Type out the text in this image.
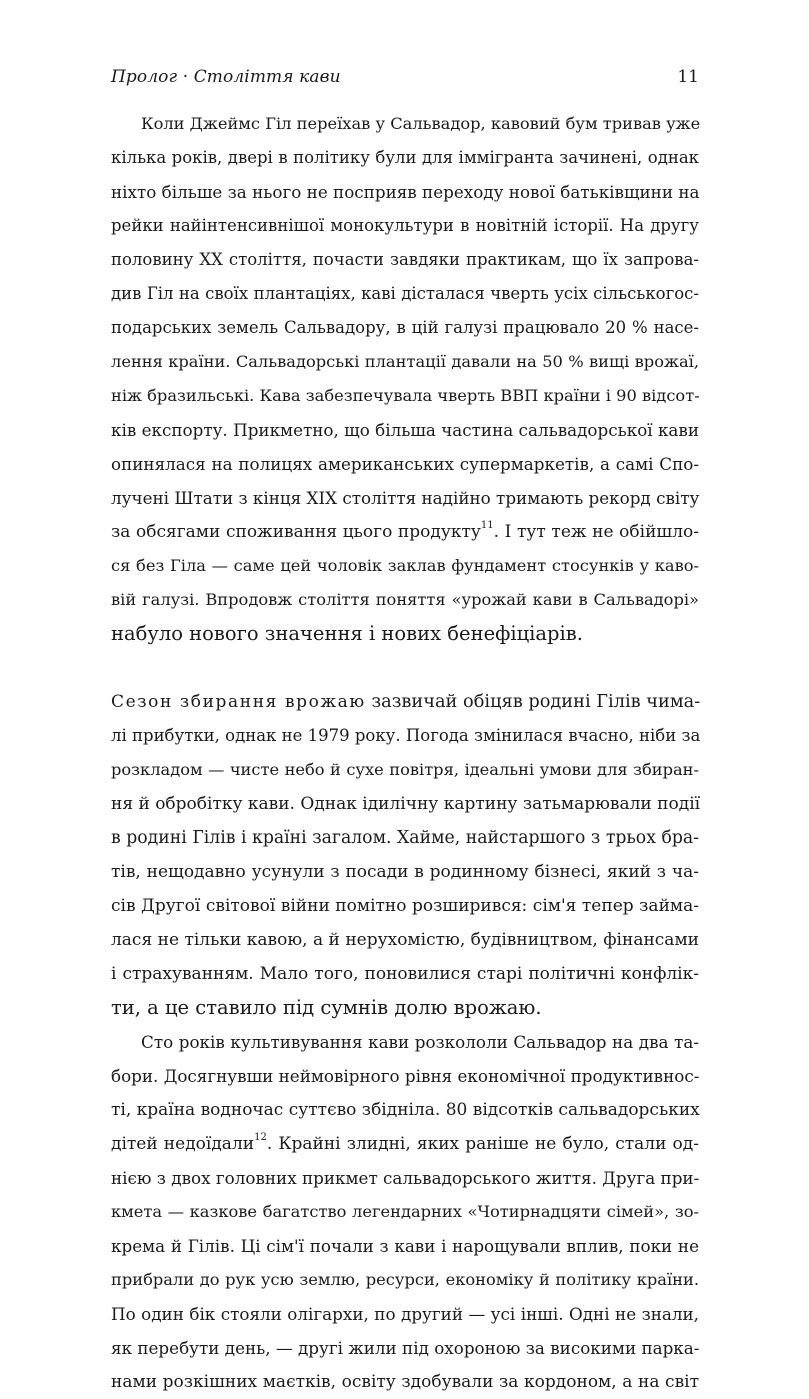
Пролог · Століття кави	11
Коли Джеймс Гіл переїхав у Сальвадор, кавовий бум тривав уже
кілька років, двері в політику були для іммігранта зачинені, однак
ніхто більше за нього не посприяв переходу нової батьківщини на
рейки найінтенсивнішої монокультури в новітній історії. На другу
половину XX століття, почасти завдяки практикам, що їх запрова-
див Гіл на своїх плантаціях, каві дісталася чверть усіх сільськогос-
подарських земель Сальвадору, в цій галузі працювало 20 % насе-
лення країни. Сальвадорські плантації давали на 50 % вищі врожаї,
ніж бразильські. Кава забезпечувала чверть ВВП країни і 90 відсот-
ків експорту. Прикметно, що більша частина сальвадорської кави
опинялася на полицях американських супермаркетів, а самі Спо-
лучені Штати з кінця XIX століття надійно тримають рекорд світу
за обсягами споживання цього продукту$^{11}$. І тут теж не обійшло-
ся без Гіла — саме цей чоловік заклав фундамент стосунків у кавo-
вій галузі. Впродовж століття поняття «урожай кави в Сальвадорі»
набуло нового значення і нових бенефіціарів.
Сезон збирання врожаю зазвичай обіцяв родині Гілів чима-
лі прибутки, однак не 1979 року. Погода змінилася вчасно, ніби за
розкладом — чисте небо й сухе повітря, ідеальні умови для збиран-
ня й обробітку кави. Однак ідилічну картину затьмарювали події
в родині Гілів і країні загалом. Хайме, найстаршого з трьох бра-
тів, нещодавно усунули з посади в родинному бізнесі, який з ча-
сів Другої світової війни помітно розширився: сім'я тепер займа-
лася не тільки кавою, а й нерухомістю, будівництвом, фінансами
і страхуванням. Мало того, поновилися старі політичні конфлік-
ти, а це ставило під сумнів долю врожаю.
Сто років культивування кави розкололи Сальвадор на два та-
бори. Досягнувши неймовірного рівня економічної продуктивнос-
ті, країна водночас суттєво збідніла. 80 відсотків сальвадорських
дітей недоїдали$^{12}$. Крайні злидні, яких раніше не було, стали од-
нією з двох головних прикмет сальвадорського життя. Друга при-
кмета — казкове багатство легендарних «Чотирнадцяти сімей», зо-
крема й Гілів. Ці сім'ї почали з кави і нарощували вплив, поки не
прибрали до рук усю землю, ресурси, економіку й політику країни.
По один бік стояли олігархи, по другий — усі інші. Одні не знали,
як перебути день, — другі жили під охороною за високими парка-
нами розкішних маєтків, освіту здобували за кордоном, а на світ
